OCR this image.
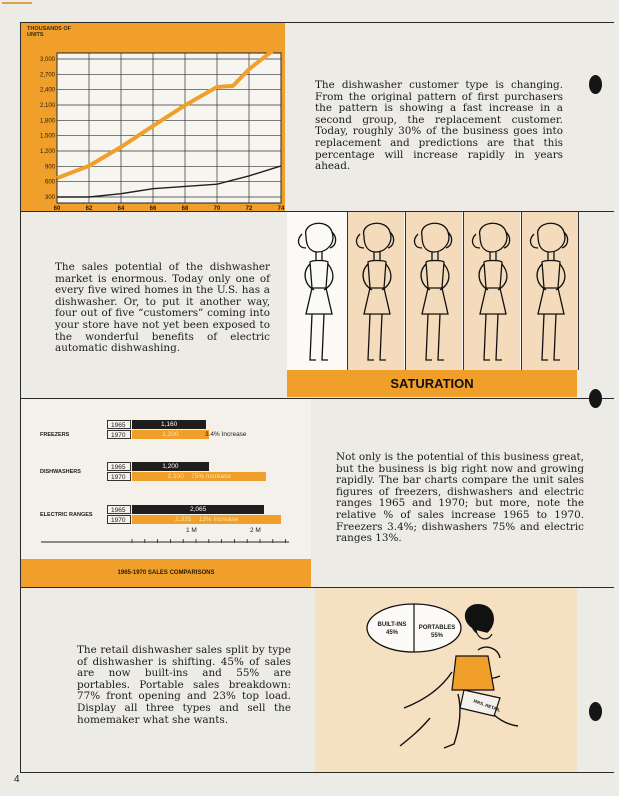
4
THOUSANDS OF UNITS
3,000
2,700
2,400
2,100
1,800
1,500
1,200
900
600
300
60	62	64	66	68	70	72	74
The dishwasher customer type is changing. From the original pattern of first purchasers the pattern is showing a fast increase in a second group, the replacement customer. Today, roughly 30% of the business goes into replacement and predictions are that this percentage will increase rapidly in years ahead.
The sales potential of the dishwasher market is enormous. Today only one of every five wired homes in the U.S. has a dishwasher. Or, to put it another way, four out of five “customers” coming into your store have not yet been exposed to the wonderful benefits of electric automatic dishwashing.
SATURATION
FREEZERS
DISHWASHERS
ELECTRIC RANGES
1965
1970
1,160
1,200	3.4% Increase
1965
1970
1,200
2,100 75% Increase
1965
1970
2,065
2,335 13% Increase
1 M	2 M
1965-1970 SALES COMPARISONS
Not only is the potential of this business great, but the business is big right now and growing rapidly. The bar charts compare the unit sales figures of freezers, dishwashers and electric ranges 1965 and 1970; but more, note the relative % of sales increase 1965 to 1970. Freezers 3.4%; dishwashers 75% and electric ranges 13%.
The retail dishwasher sales split by type of dishwasher is shifting. 45% of sales are now built-ins and 55% are portables. Portable sales breakdown: 77% front opening and 23% top load. Display all three types and sell the homemaker what she wants.
BUILT-INS
45%
PORTABLES
55%
MRS. RETAIL
